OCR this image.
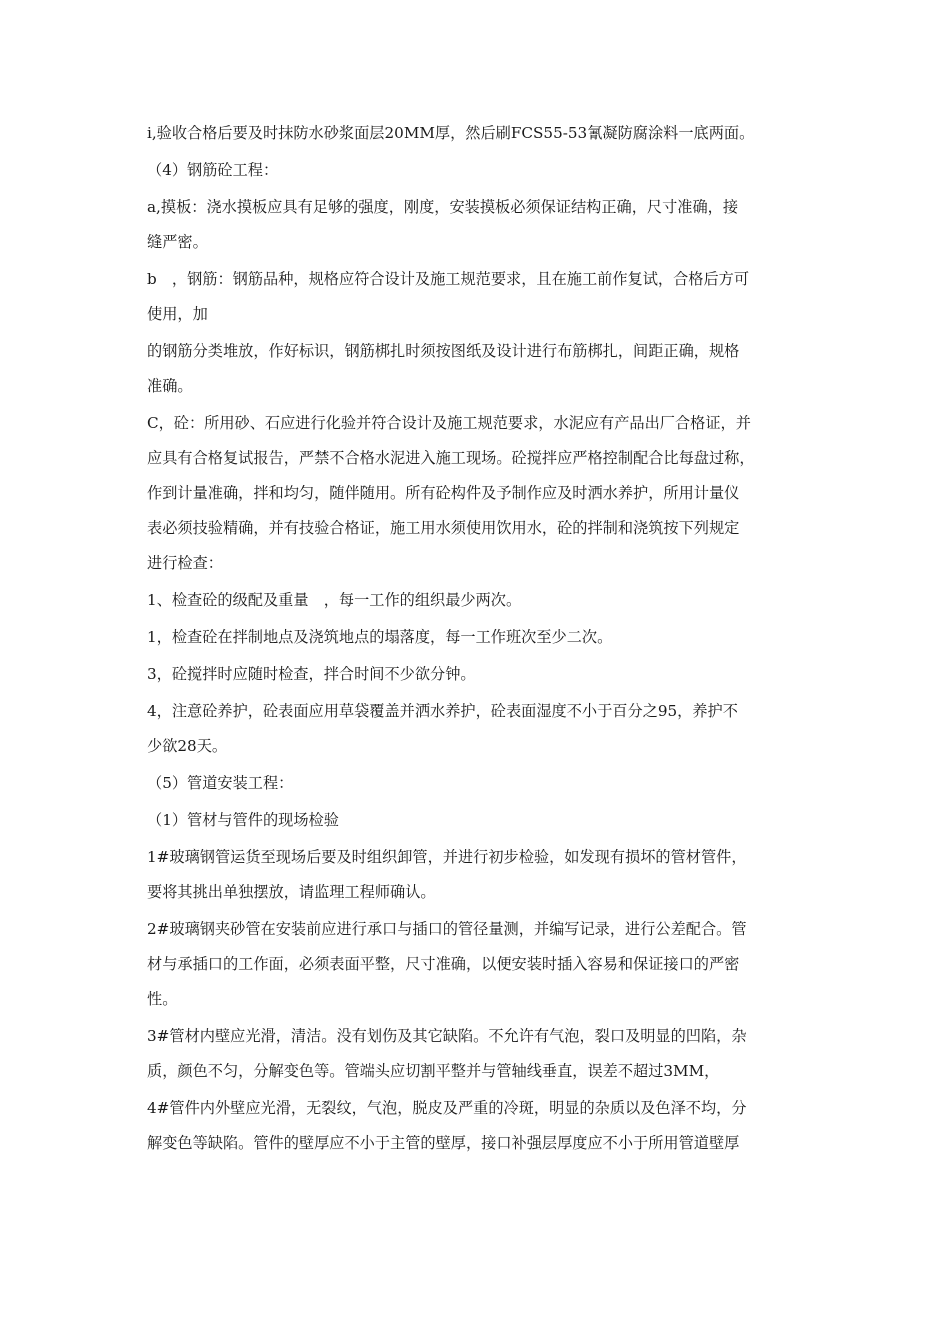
i,验收合格后要及时抹防水砂浆面层20MM厚，然后刷FCS55-53氰凝防腐涂料一底两面。
（4）钢筋砼工程：
a,摸板：浇水摸板应具有足够的强度，刚度，安装摸板必须保证结构正确，尺寸准确，接
缝严密。
b　，钢筋：钢筋品种，规格应符合设计及施工规范要求，且在施工前作复试，合格后方可
使用，加
的钢筋分类堆放，作好标识，钢筋梆扎时须按图纸及设计进行布筋梆扎，间距正确，规格
准确。
C，砼：所用砂、石应进行化验并符合设计及施工规范要求，水泥应有产品出厂合格证，并
应具有合格复试报告，严禁不合格水泥进入施工现场。砼搅拌应严格控制配合比每盘过称，
作到计量准确，拌和均匀，随伴随用。所有砼构件及予制作应及时洒水养护，所用计量仪
表必须技验精确，并有技验合格证，施工用水须使用饮用水，砼的拌制和浇筑按下列规定
进行检查：
1、检查砼的级配及重量　，每一工作的组织最少两次。
1，检查砼在拌制地点及浇筑地点的塌落度，每一工作班次至少二次。
3，砼搅拌时应随时检查，拌合时间不少欲分钟。
4，注意砼养护，砼表面应用草袋覆盖并洒水养护，砼表面湿度不小于百分之95，养护不
少欲28天。
（5）管道安装工程：
（1）管材与管件的现场检验
1#玻璃钢管运货至现场后要及时组织卸管，并进行初步检验，如发现有损坏的管材管件，
要将其挑出单独摆放，请监理工程师确认。
2#玻璃钢夹砂管在安装前应进行承口与插口的管径量测，并编写记录，进行公差配合。管
材与承插口的工作面，必须表面平整，尺寸准确，以便安装时插入容易和保证接口的严密
性。
3#管材内壁应光滑，清洁。没有划伤及其它缺陷。不允许有气泡，裂口及明显的凹陷，杂
质，颜色不匀，分解变色等。管端头应切割平整并与管轴线垂直，误差不超过3MM，
4#管件内外壁应光滑，无裂纹，气泡，脱皮及严重的冷斑，明显的杂质以及色泽不均，分
解变色等缺陷。管件的壁厚应不小于主管的壁厚，接口补强层厚度应不小于所用管道壁厚
